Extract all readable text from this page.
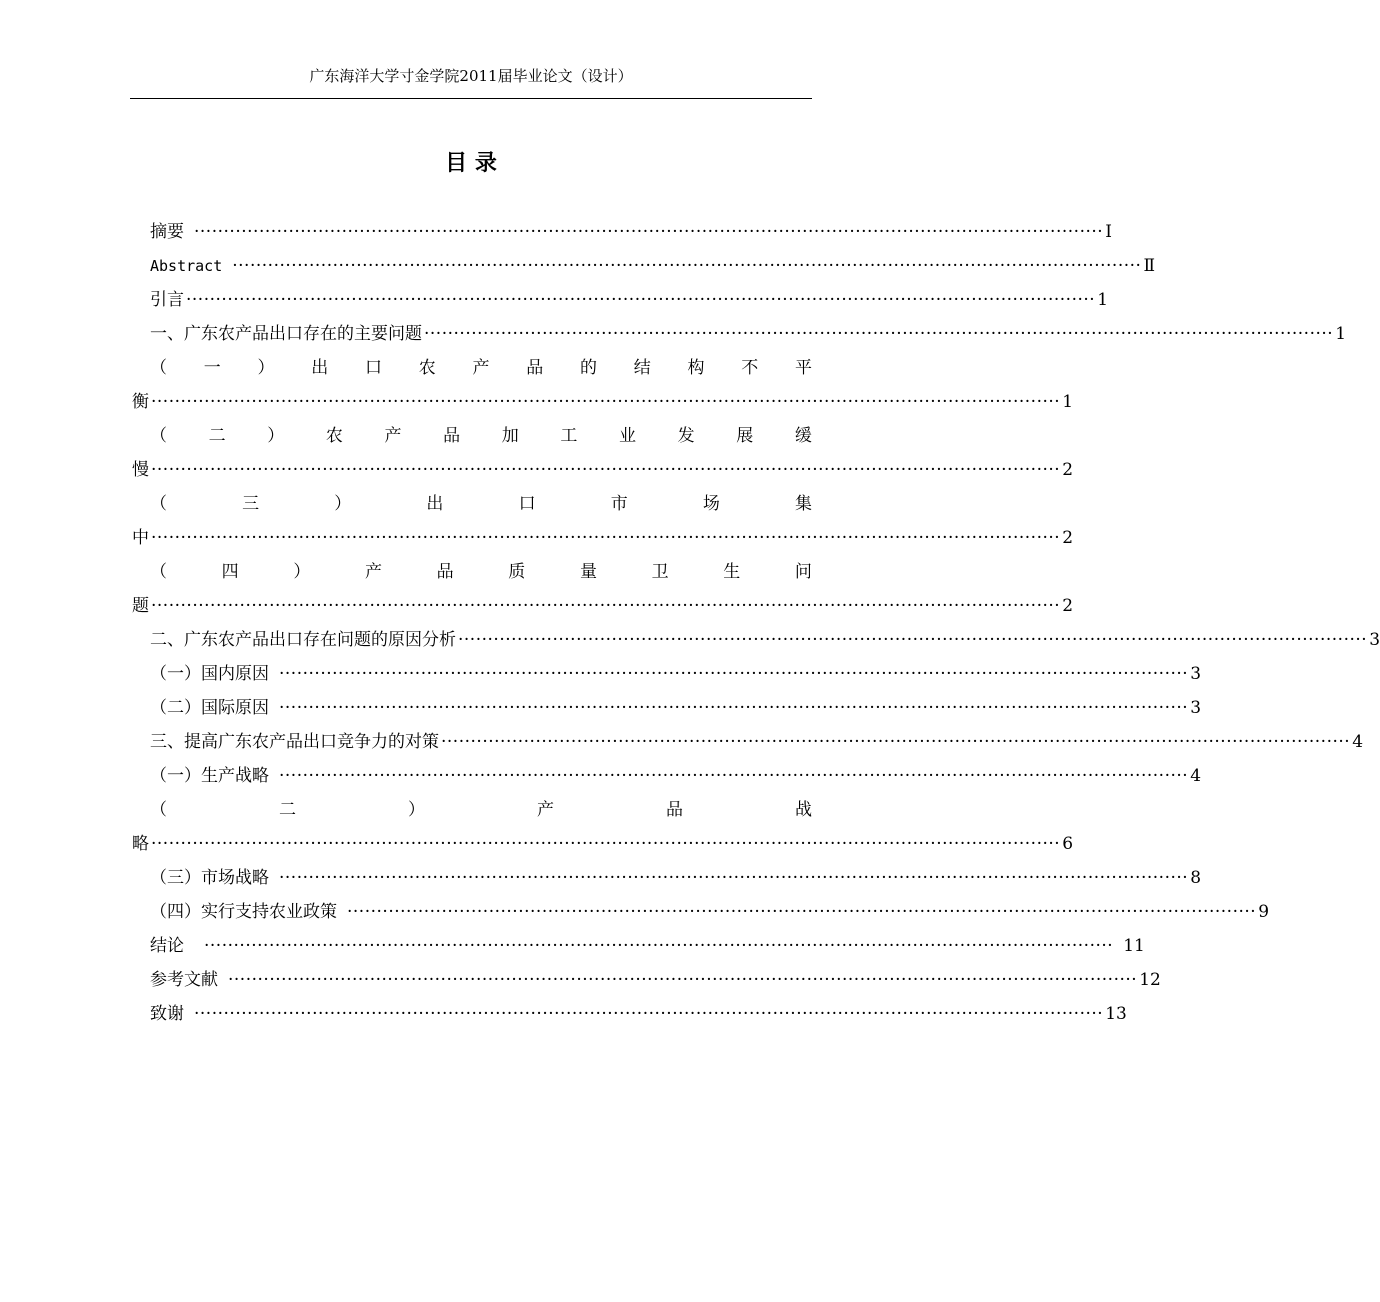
广东海洋大学寸金学院2011届毕业论文（设计）
目 录
摘要 ·························································································································································· Ⅰ
Abstract ·························································································································································· Ⅱ
引言 ·························································································································································· 1
一、广东农产品出口存在的主要问题 ·························································································································································· 1
（ 一 ） 出 口 农 产 品 的 结 构 不 平
衡 ·························································································································································· 1
（ 二 ） 农 产 品 加 工 业 发 展 缓
慢 ·························································································································································· 2
（	三	）	出	口	市	场	集
中 ·························································································································································· 2
（	四	）	产	品	质	量	卫	生	问
题 ·························································································································································· 2
二、广东农产品出口存在问题的原因分析 ·························································································································································· 3
（一）国内原因 ·························································································································································· 3
（二）国际原因 ·························································································································································· 3
三、提高广东农产品出口竞争力的对策 ·························································································································································· 4
（一）生产战略 ·························································································································································· 4
（	二	）	产	品	战
略 ·························································································································································· 6
（三）市场战略 ·························································································································································· 8
（四）实行支持农业政策 ·························································································································································· 9
结论 ·························································································································································· 11
参考文献 ·························································································································································· 12
致谢 ·························································································································································· 13
